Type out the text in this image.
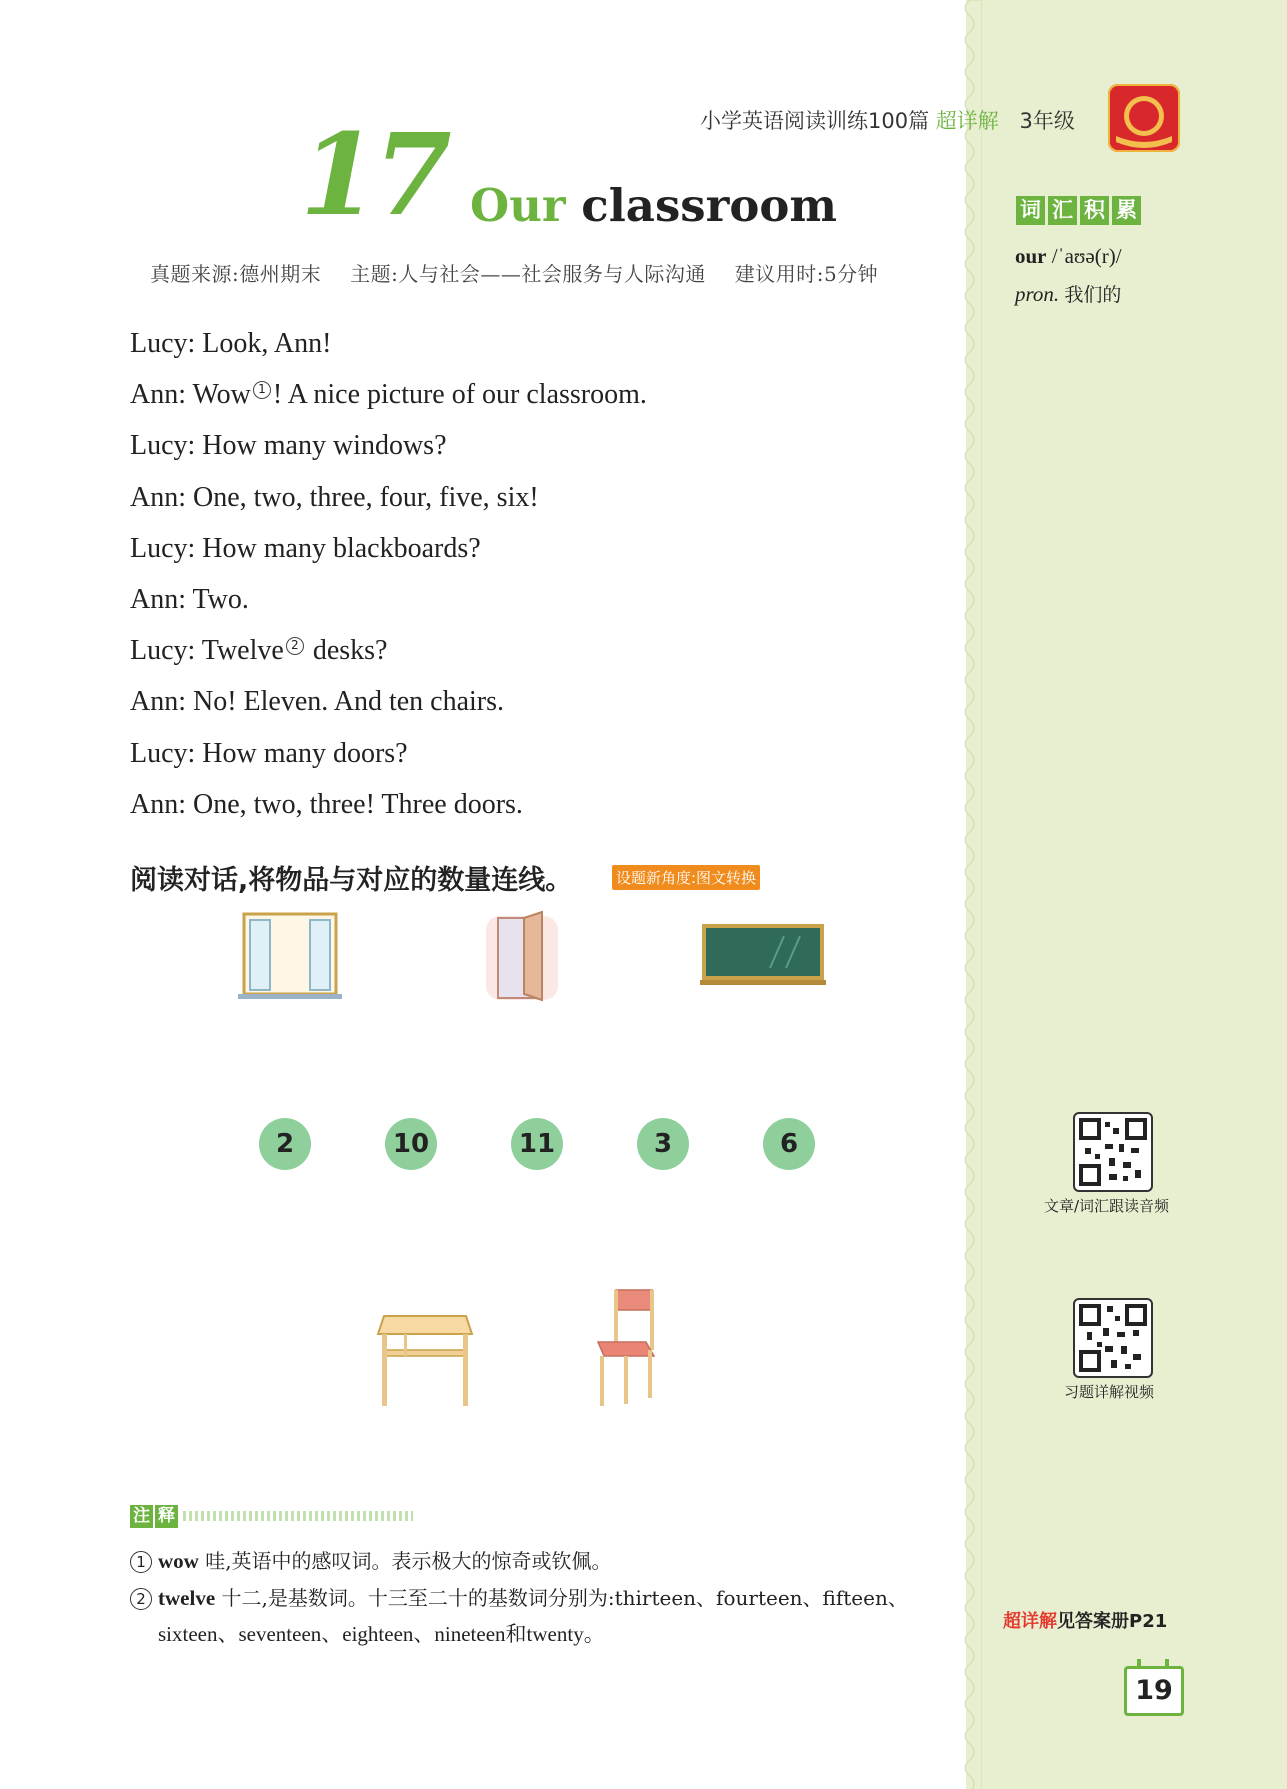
小学英语阅读训练100篇 超详解 3年级
17 Our classroom
真题来源:德州期末 主题:人与社会——社会服务与人际沟通 建议用时:5分钟
Lucy: Look, Ann!
Ann: Wow 1 ! A nice picture of our classroom.
Lucy: How many windows?
Ann: One, two, three, four, five, six!
Lucy: How many blackboards?
Ann: Two.
Lucy: Twelve 2 desks?
Ann: No! Eleven. And ten chairs.
Lucy: How many doors?
Ann: One, two, three! Three doors.
阅读对话,将物品与对应的数量连线。	设题新角度:图文转换
2	10	11	3	6
词 汇 积 累
our /ˈaʊə(r)/
pron. 我们的
文章/词汇跟读音频
习题详解视频
超详解见答案册P21
19
注 释
1 wow 哇,英语中的感叹词。表示极大的惊奇或钦佩。
2 twelve 十二,是基数词。十三至二十的基数词分别为:thirteen、fourteen、fifteen、
sixteen、seventeen、eighteen、nineteen和twenty。
